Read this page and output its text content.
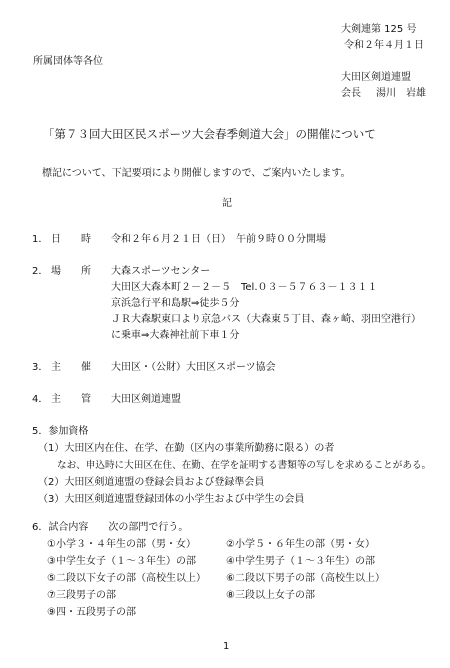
大剣連第 125 号
令和２年４月１日
所属団体等各位
大田区剣道連盟
会長 湯川　岩雄
「第７３回大田区民スポーツ大会春季剣道大会」の開催について
標記について、下記要項により開催しますので、ご案内いたします。
記
1． 日　　時 令和２年６月２１日（日）　午前９時００分開場
2． 場　　所 大森スポーツセンター
大田区大森本町２－２－５　Tel.０３－５７６３－１３１１
京浜急行平和島駅⇒徒歩５分
ＪＲ大森駅東口より京急バス（大森東５丁目、森ヶ崎、羽田空港行）
に乗車⇒大森神社前下車１分
3． 主　　催 大田区・（公財）大田区スポーツ協会
4． 主　　管 大田区剣道連盟
5．参加資格
（1）大田区内在住、在学、在勤（区内の事業所勤務に限る）の者
なお、申込時に大田区在住、在勤、在学を証明する書類等の写しを求めることがある。
（2）大田区剣道連盟の登録会員および登録準会員
（3）大田区剣道連盟登録団体の小学生および中学生の会員
6．試合内容　　次の部門で行う。
①小学３・４年生の部（男・女）	②小学５・６年生の部（男・女）
③中学生女子（１～３年生）の部	④中学生男子（１～３年生）の部
⑤二段以下女子の部（高校生以上） ⑥二段以下男子の部（高校生以上）
⑦三段男子の部	⑧三段以上女子の部
⑨四・五段男子の部
1
